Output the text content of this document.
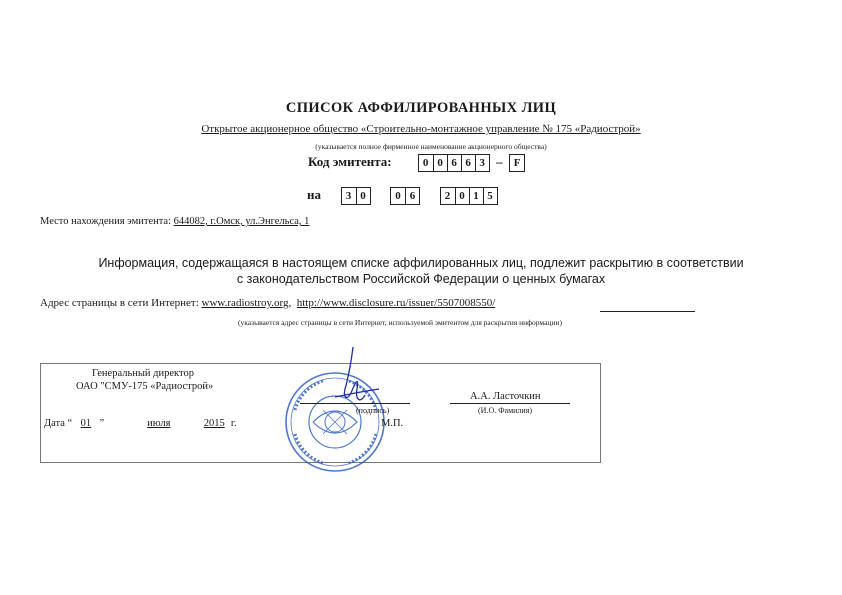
СПИСОК АФФИЛИРОВАННЫХ ЛИЦ
Открытое акционерное общество «Строительно-монтажное управление № 175 «Радиострой»
(указывается полное фирменное наименование акционерного общества)
Код эмитента:	0 0 6 6 3 – F
на	3 0
	0 6
	2 0 1 5
Место нахождения эмитента: 644082, г.Омск, ул.Энгельса, 1
Информация, содержащаяся в настоящем списке аффилированных лиц, подлежит раскрытию в соответствии
с законодательством Российской Федерации о ценных бумагах
Адрес страницы в сети Интернет: www.radiostroy.org,  http://www.disclosure.ru/issuer/5507008550/
(указывается адрес страницы в сети Интернет, используемой эмитентом для раскрытия информации)
Генеральный директор
ОАО "СМУ-175 «Радиострой»
(подпись)
А.А. Ласточкин
(И.О. Фамилия)
Дата “ 01 ”	июля	2015 г.	М.П.
